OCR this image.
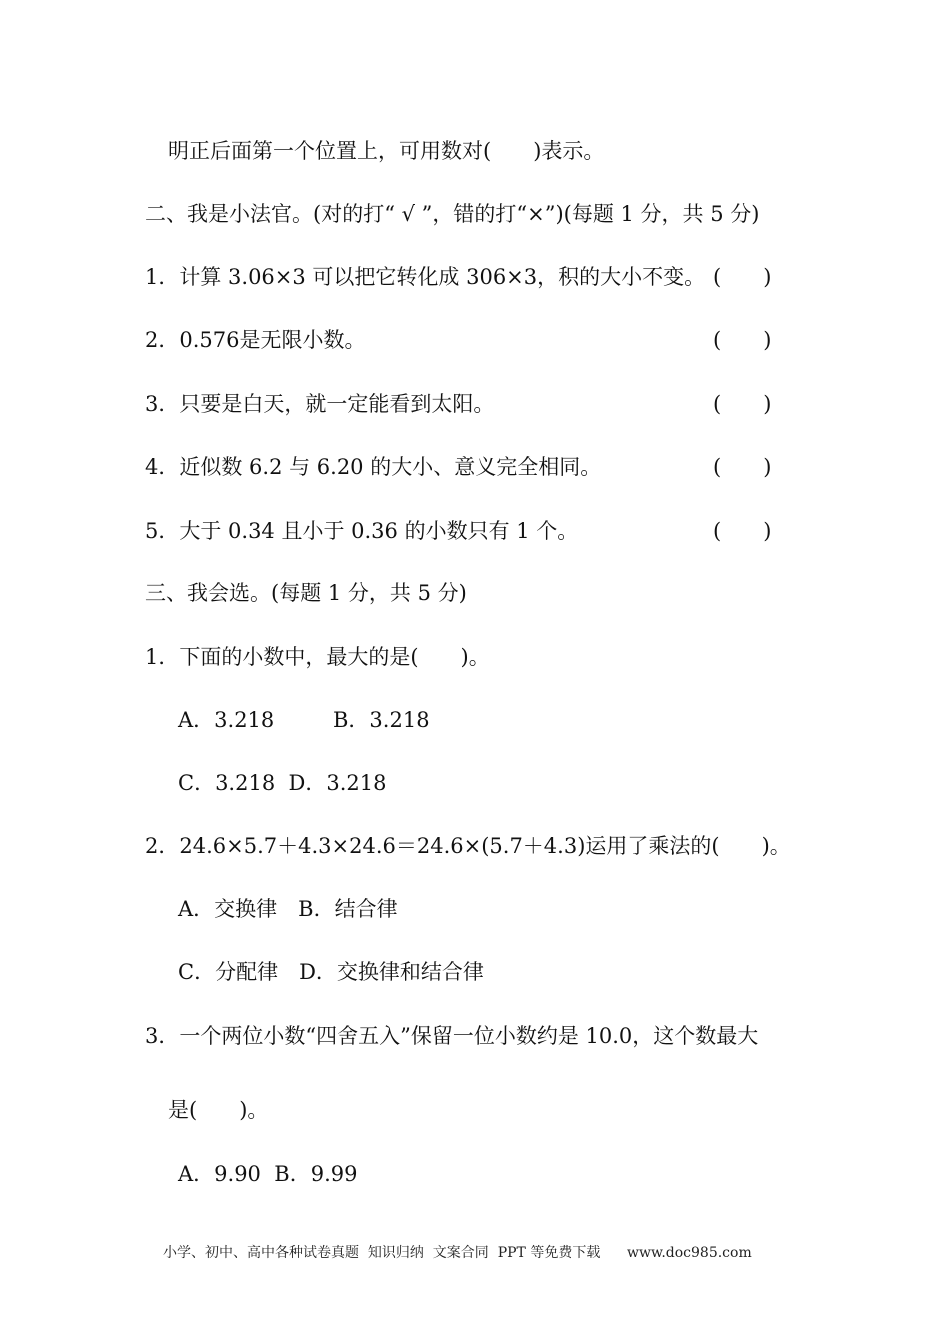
明正后面第一个位置上，可用数对(　　)表示。
二、我是小法官。(对的打“ √ ”，错的打“×”)(每题 1 分，共 5 分)
1．计算 3.06×3 可以把它转化成 306×3，积的大小不变。 (　　)
2．0.576是无限小数。	(　　)
3．只要是白天，就一定能看到太阳。	(　　)
4．近似数 6.2 与 6.20 的大小、意义完全相同。	(　　)
5．大于 0.34 且小于 0.36 的小数只有 1 个。	(　　)
三、我会选。(每题 1 分，共 5 分)
1．下面的小数中，最大的是(　　)。
A．3.218	B．3.218
C．3.218  D．3.218
2．24.6×5.7＋4.3×24.6＝24.6×(5.7＋4.3)运用了乘法的(　　)。
A．交换律　B．结合律
C．分配律　D．交换律和结合律
3．一个两位小数“四舍五入”保留一位小数约是 10.0，这个数最大
是(　　)。
A．9.90  B．9.99
小学、初中、高中各种试卷真题  知识归纳  文案合同  PPT 等免费下载      www.doc985.com
